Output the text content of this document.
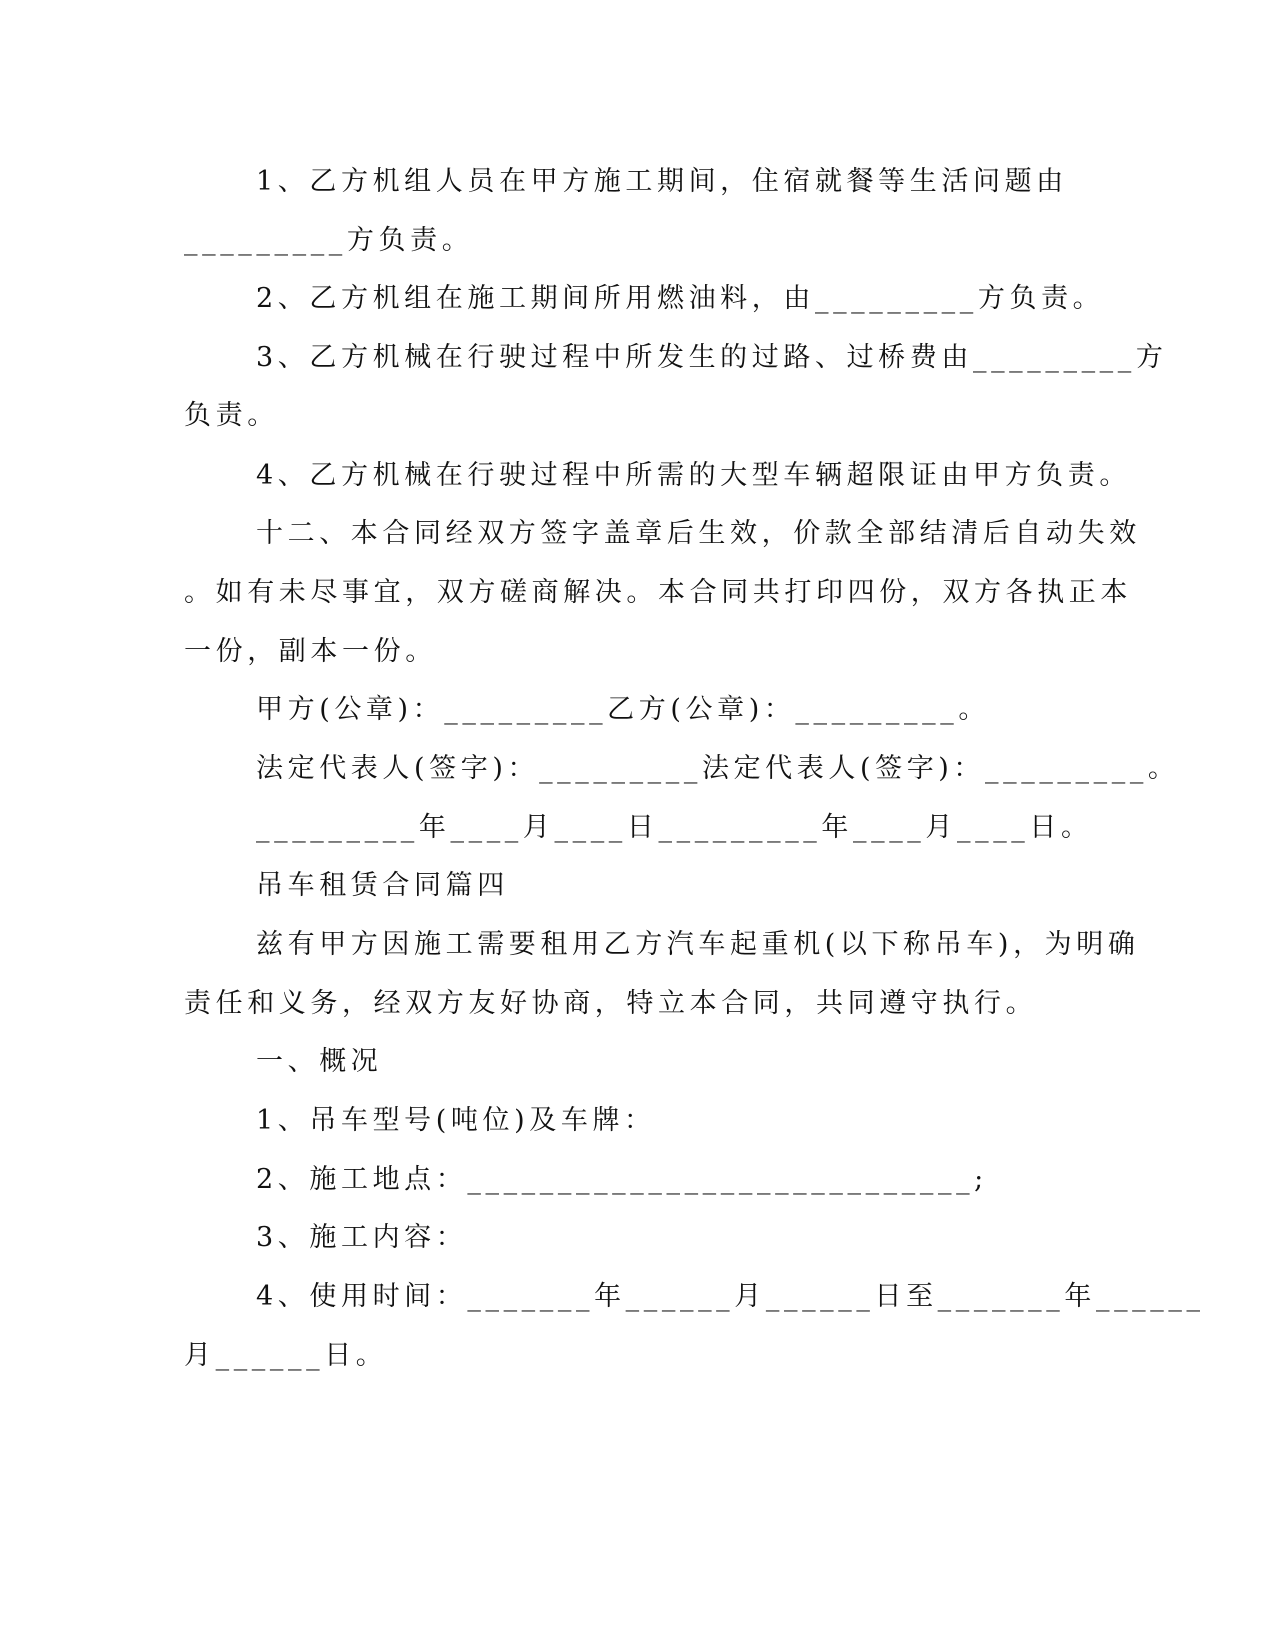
1、乙方机组人员在甲方施工期间，住宿就餐等生活问题由

_________方负责。

2、乙方机组在施工期间所用燃油料，由_________方负责。

3、乙方机械在行驶过程中所发生的过路、过桥费由_________方

负责。

4、乙方机械在行驶过程中所需的大型车辆超限证由甲方负责。

十二、本合同经双方签字盖章后生效，价款全部结清后自动失效

。如有未尽事宜，双方磋商解决。本合同共打印四份，双方各执正本

一份，副本一份。

甲方(公章)：_________乙方(公章)：_________。

法定代表人(签字)：_________法定代表人(签字)：_________。

_________年____月____日_________年____月____日。

吊车租赁合同篇四

兹有甲方因施工需要租用乙方汽车起重机(以下称吊车)，为明确

责任和义务，经双方友好协商，特立本合同，共同遵守执行。

一、概况

1、吊车型号(吨位)及车牌：

2、施工地点：____________________________;

3、施工内容：

4、使用时间：_______年______月______日至_______年______

月______日。
